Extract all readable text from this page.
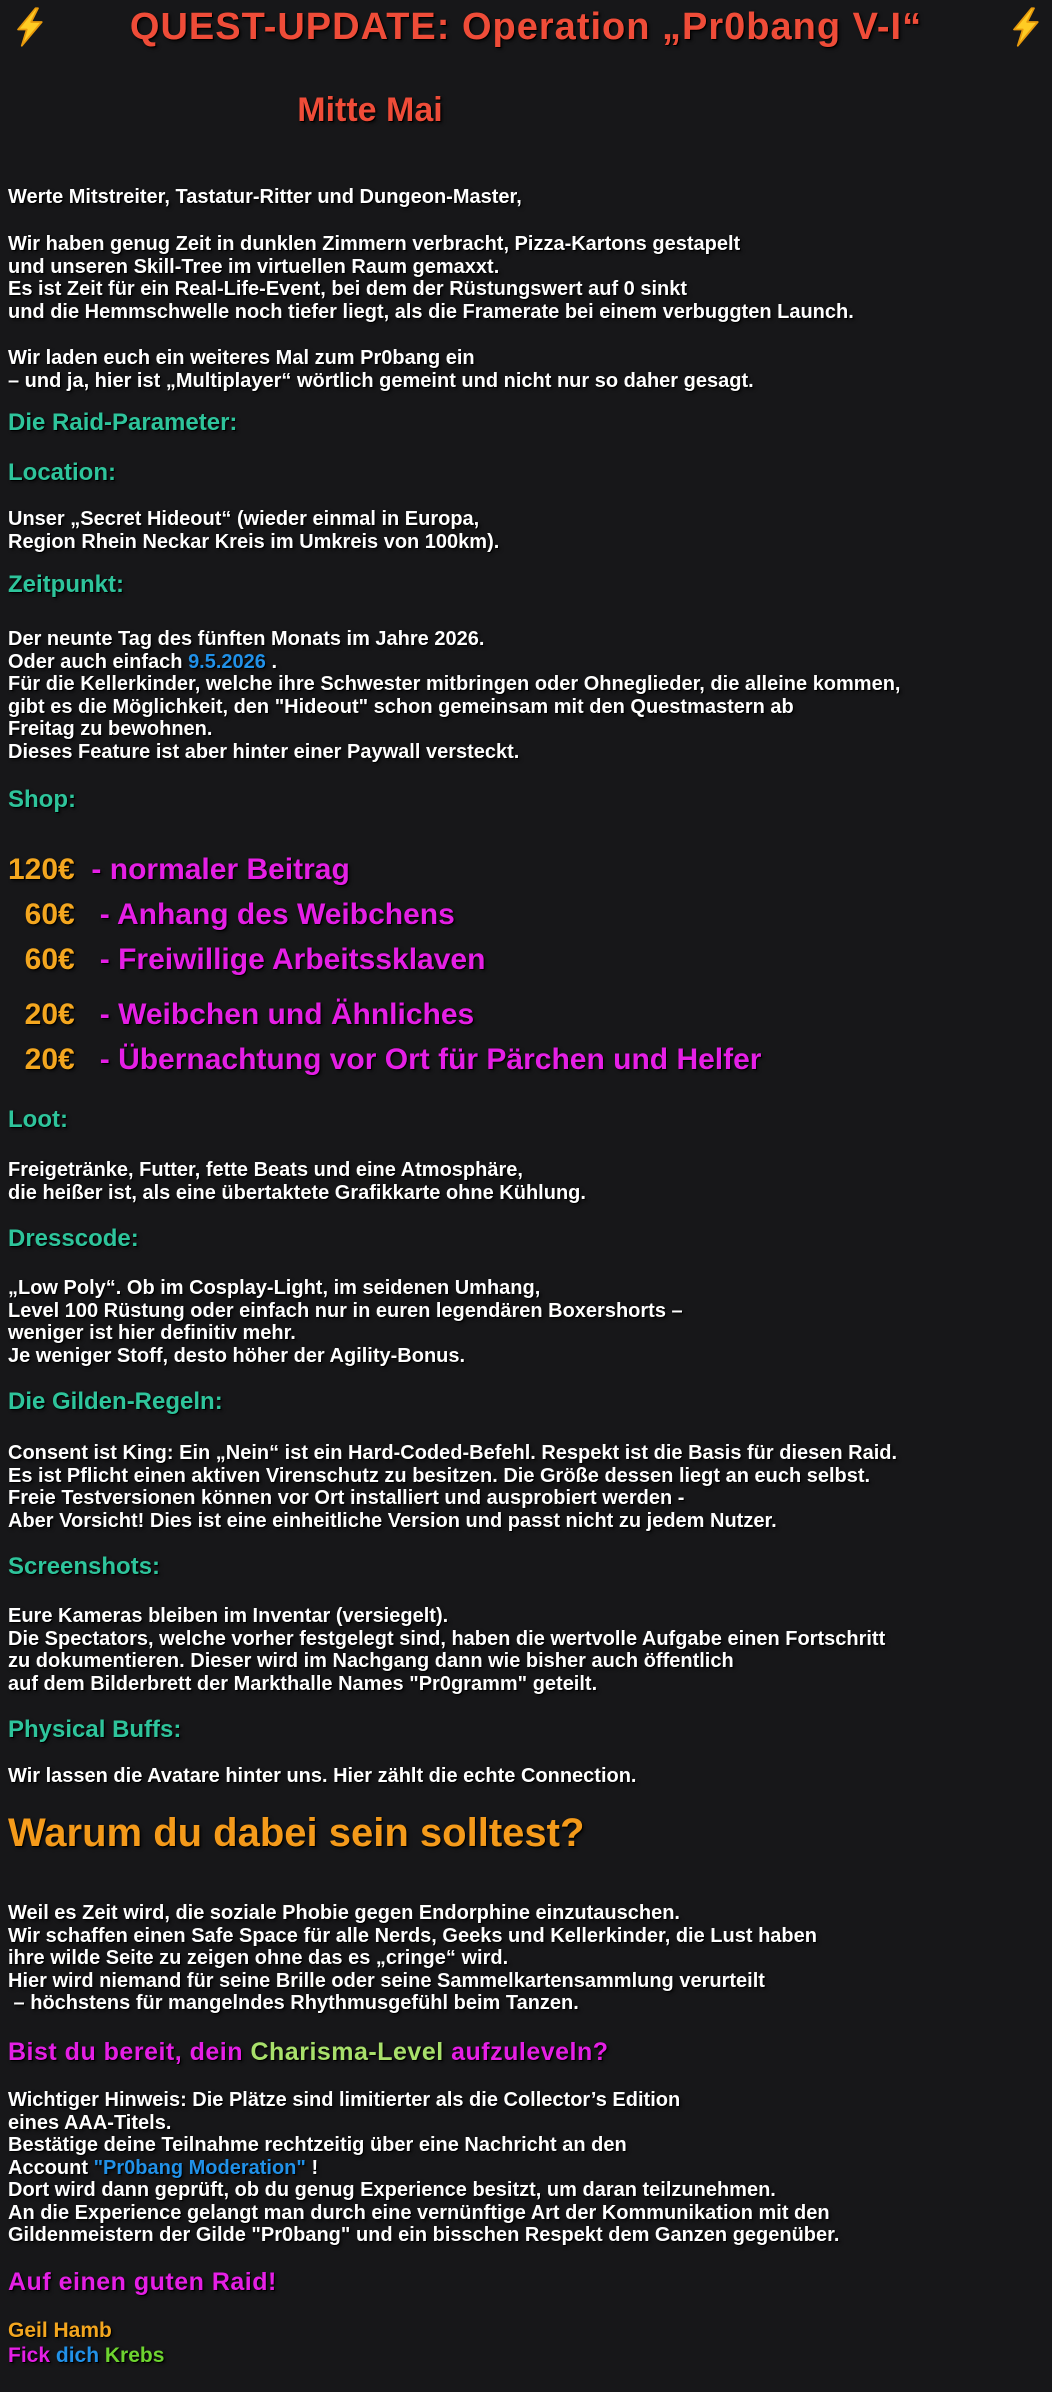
QUEST-UPDATE: Operation „Pr0bang V-I“
Mitte Mai
Werte Mitstreiter, Tastatur-Ritter und Dungeon-Master,
Wir haben genug Zeit in dunklen Zimmern verbracht, Pizza-Kartons gestapelt
und unseren Skill-Tree im virtuellen Raum gemaxxt.
Es ist Zeit für ein Real-Life-Event, bei dem der Rüstungswert auf 0 sinkt
und die Hemmschwelle noch tiefer liegt, als die Framerate bei einem verbuggten Launch.
Wir laden euch ein weiteres Mal zum Pr0bang ein
– und ja, hier ist „Multiplayer“ wörtlich gemeint und nicht nur so daher gesagt.
Die Raid-Parameter:
Location:
Unser „Secret Hideout“ (wieder einmal in Europa,
Region Rhein Neckar Kreis im Umkreis von 100km).
Zeitpunkt:
Der neunte Tag des fünften Monats im Jahre 2026.
Oder auch einfach 9.5.2026 .
Für die Kellerkinder, welche ihre Schwester mitbringen oder Ohneglieder, die alleine kommen,
gibt es die Möglichkeit, den "Hideout" schon gemeinsam mit den Questmastern ab
Freitag zu bewohnen.
Dieses Feature ist aber hinter einer Paywall versteckt.
Shop:
120€  - normaler Beitrag
60€   - Anhang des Weibchens
60€   - Freiwillige Arbeitssklaven
20€   - Weibchen und Ähnliches
20€   - Übernachtung vor Ort für Pärchen und Helfer
Loot:
Freigetränke, Futter, fette Beats und eine Atmosphäre,
die heißer ist, als eine übertaktete Grafikkarte ohne Kühlung.
Dresscode:
„Low Poly“. Ob im Cosplay-Light, im seidenen Umhang,
Level 100 Rüstung oder einfach nur in euren legendären Boxershorts –
weniger ist hier definitiv mehr.
Je weniger Stoff, desto höher der Agility-Bonus.
Die Gilden-Regeln:
Consent ist King: Ein „Nein“ ist ein Hard-Coded-Befehl. Respekt ist die Basis für diesen Raid.
Es ist Pflicht einen aktiven Virenschutz zu besitzen. Die Größe dessen liegt an euch selbst.
Freie Testversionen können vor Ort installiert und ausprobiert werden -
Aber Vorsicht! Dies ist eine einheitliche Version und passt nicht zu jedem Nutzer.
Screenshots:
Eure Kameras bleiben im Inventar (versiegelt).
Die Spectators, welche vorher festgelegt sind, haben die wertvolle Aufgabe einen Fortschritt
zu dokumentieren. Dieser wird im Nachgang dann wie bisher auch öffentlich
auf dem Bilderbrett der Markthalle Names "Pr0gramm" geteilt.
Physical Buffs:
Wir lassen die Avatare hinter uns. Hier zählt die echte Connection.
Warum du dabei sein solltest?
Weil es Zeit wird, die soziale Phobie gegen Endorphine einzutauschen.
Wir schaffen einen Safe Space für alle Nerds, Geeks und Kellerkinder, die Lust haben
ihre wilde Seite zu zeigen ohne das es „cringe“ wird.
Hier wird niemand für seine Brille oder seine Sammelkartensammlung verurteilt
– höchstens für mangelndes Rhythmusgefühl beim Tanzen.
Bist du bereit, dein Charisma-Level aufzuleveln?
Wichtiger Hinweis: Die Plätze sind limitierter als die Collector’s Edition
eines AAA-Titels.
Bestätige deine Teilnahme rechtzeitig über eine Nachricht an den
Account "Pr0bang Moderation" !
Dort wird dann geprüft, ob du genug Experience besitzt, um daran teilzunehmen.
An die Experience gelangt man durch eine vernünftige Art der Kommunikation mit den
Gildenmeistern der Gilde "Pr0bang" und ein bisschen Respekt dem Ganzen gegenüber.
Auf einen guten Raid!
Geil Hamb
Fick dich Krebs
